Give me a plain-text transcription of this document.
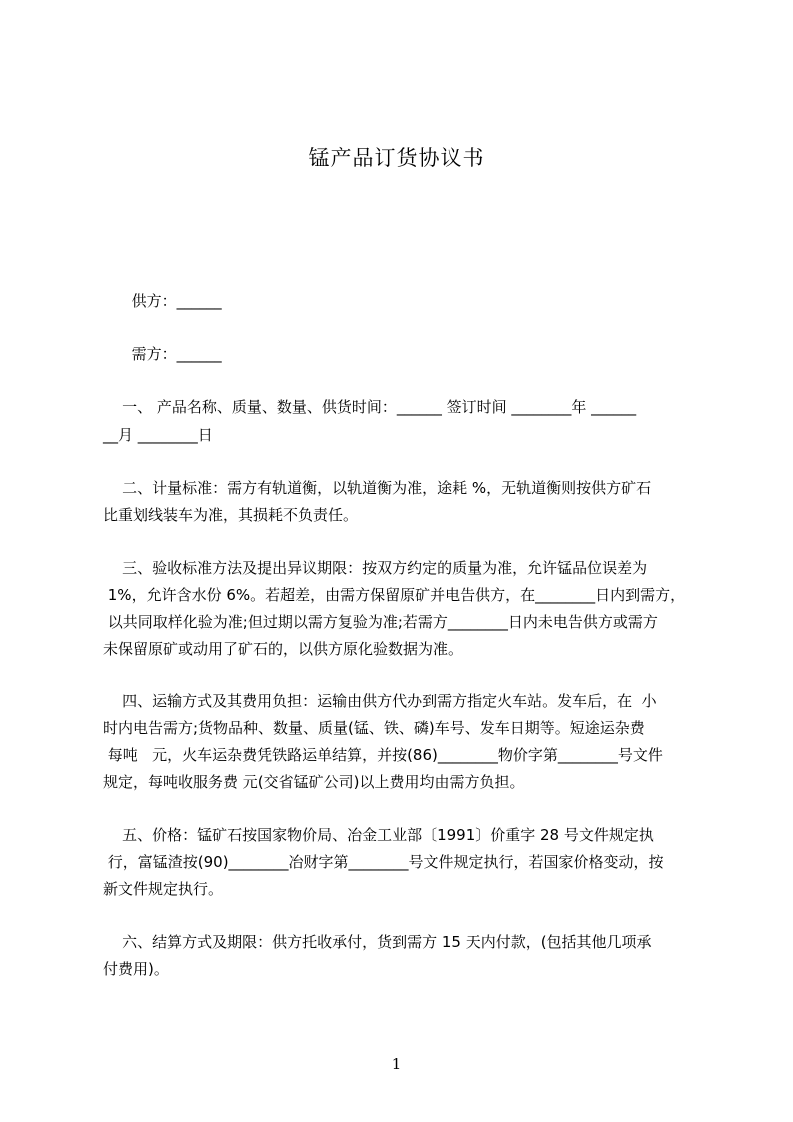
锰产品订货协议书
供方：______
需方：______
一、 产品名称、质量、数量、供货时间：______ 签订时间 ________年 ______
__月 ________日
二、计量标准：需方有轨道衡，以轨道衡为准，途耗 %，无轨道衡则按供方矿石
比重划线装车为准，其损耗不负责任。
三、验收标准方法及提出异议期限：按双方约定的质量为准，允许锰品位误差为
1%，允许含水份 6%。若超差，由需方保留原矿并电告供方，在________日内到需方，
以共同取样化验为准;但过期以需方复验为准;若需方________日内未电告供方或需方
未保留原矿或动用了矿石的，以供方原化验数据为准。
四、运输方式及其费用负担：运输由供方代办到需方指定火车站。发车后，在  小
时内电告需方;货物品种、数量、质量(锰、铁、磷)车号、发车日期等。短途运杂费
每吨   元，火车运杂费凭铁路运单结算，并按(86)________物价字第________号文件
规定，每吨收服务费 元(交省锰矿公司)以上费用均由需方负担。
五、价格：锰矿石按国家物价局、冶金工业部〔1991〕价重字 28 号文件规定执
行，富锰渣按(90)________冶财字第________号文件规定执行，若国家价格变动，按
新文件规定执行。
六、结算方式及期限：供方托收承付，货到需方 15 天内付款，(包括其他几项承
付费用)。
1
